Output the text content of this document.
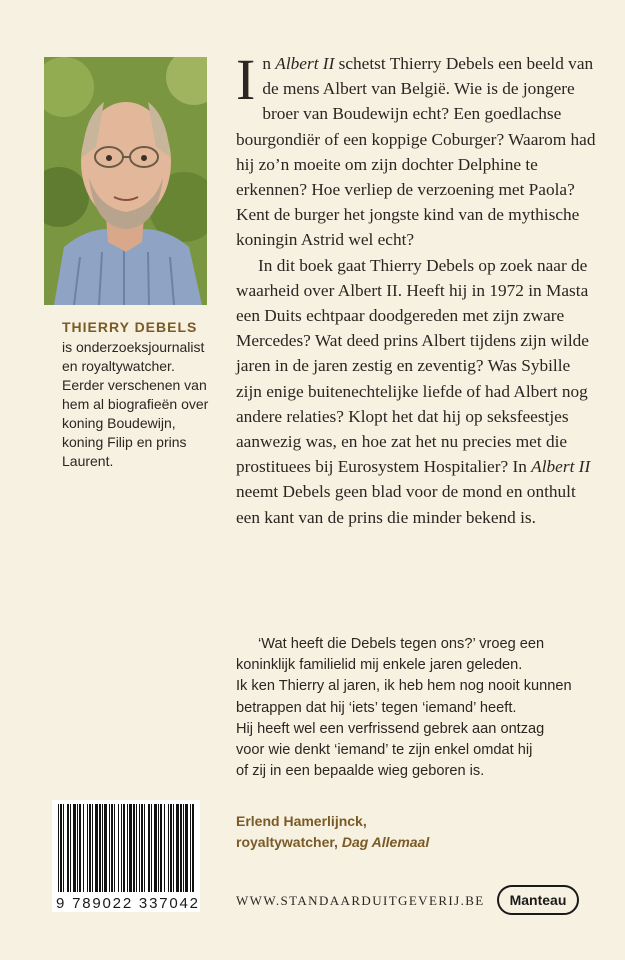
THIERRY DEBELS
is onderzoeksjournalist en royaltywatcher. Eerder verschenen van hem al biografieën over koning Boudewijn, koning Filip en prins Laurent.

In Albert II schetst Thierry Debels een beeld van de mens Albert van België. Wie is de jongere broer van Boudewijn echt? Een goedlachse bourgondiër of een koppige Coburger? Waarom had hij zo’n moeite om zijn dochter Delphine te erkennen? Hoe verliep de verzoening met Paola? Kent de burger het jongste kind van de mythische koningin Astrid wel echt?

In dit boek gaat Thierry Debels op zoek naar de waarheid over Albert II. Heeft hij in 1972 in Masta een Duits echtpaar doodgereden met zijn zware Mercedes? Wat deed prins Albert tijdens zijn wilde jaren in de jaren zestig en zeventig? Was Sybille zijn enige buitenechtelijke liefde of had Albert nog andere relaties? Klopt het dat hij op seksfeestjes aanwezig was, en hoe zat het nu precies met die prostituees bij Eurosystem Hospitalier? In Albert II neemt Debels geen blad voor de mond en onthult een kant van de prins die minder bekend is.

‘Wat heeft die Debels tegen ons?’ vroeg een
koninklijk familielid mij enkele jaren geleden.
Ik ken Thierry al jaren, ik heb hem nog nooit kunnen
betrappen dat hij ‘iets’ tegen ‘iemand’ heeft.
Hij heeft wel een verfrissend gebrek aan ontzag
voor wie denkt ‘iemand’ te zijn enkel omdat hij
of zij in een bepaalde wieg geboren is.
Erlend Hamerlijnck,
royaltywatcher, Dag Allemaal
9 789022 337042	WWW.STANDAARDUITGEVERIJ.BE	Manteau
